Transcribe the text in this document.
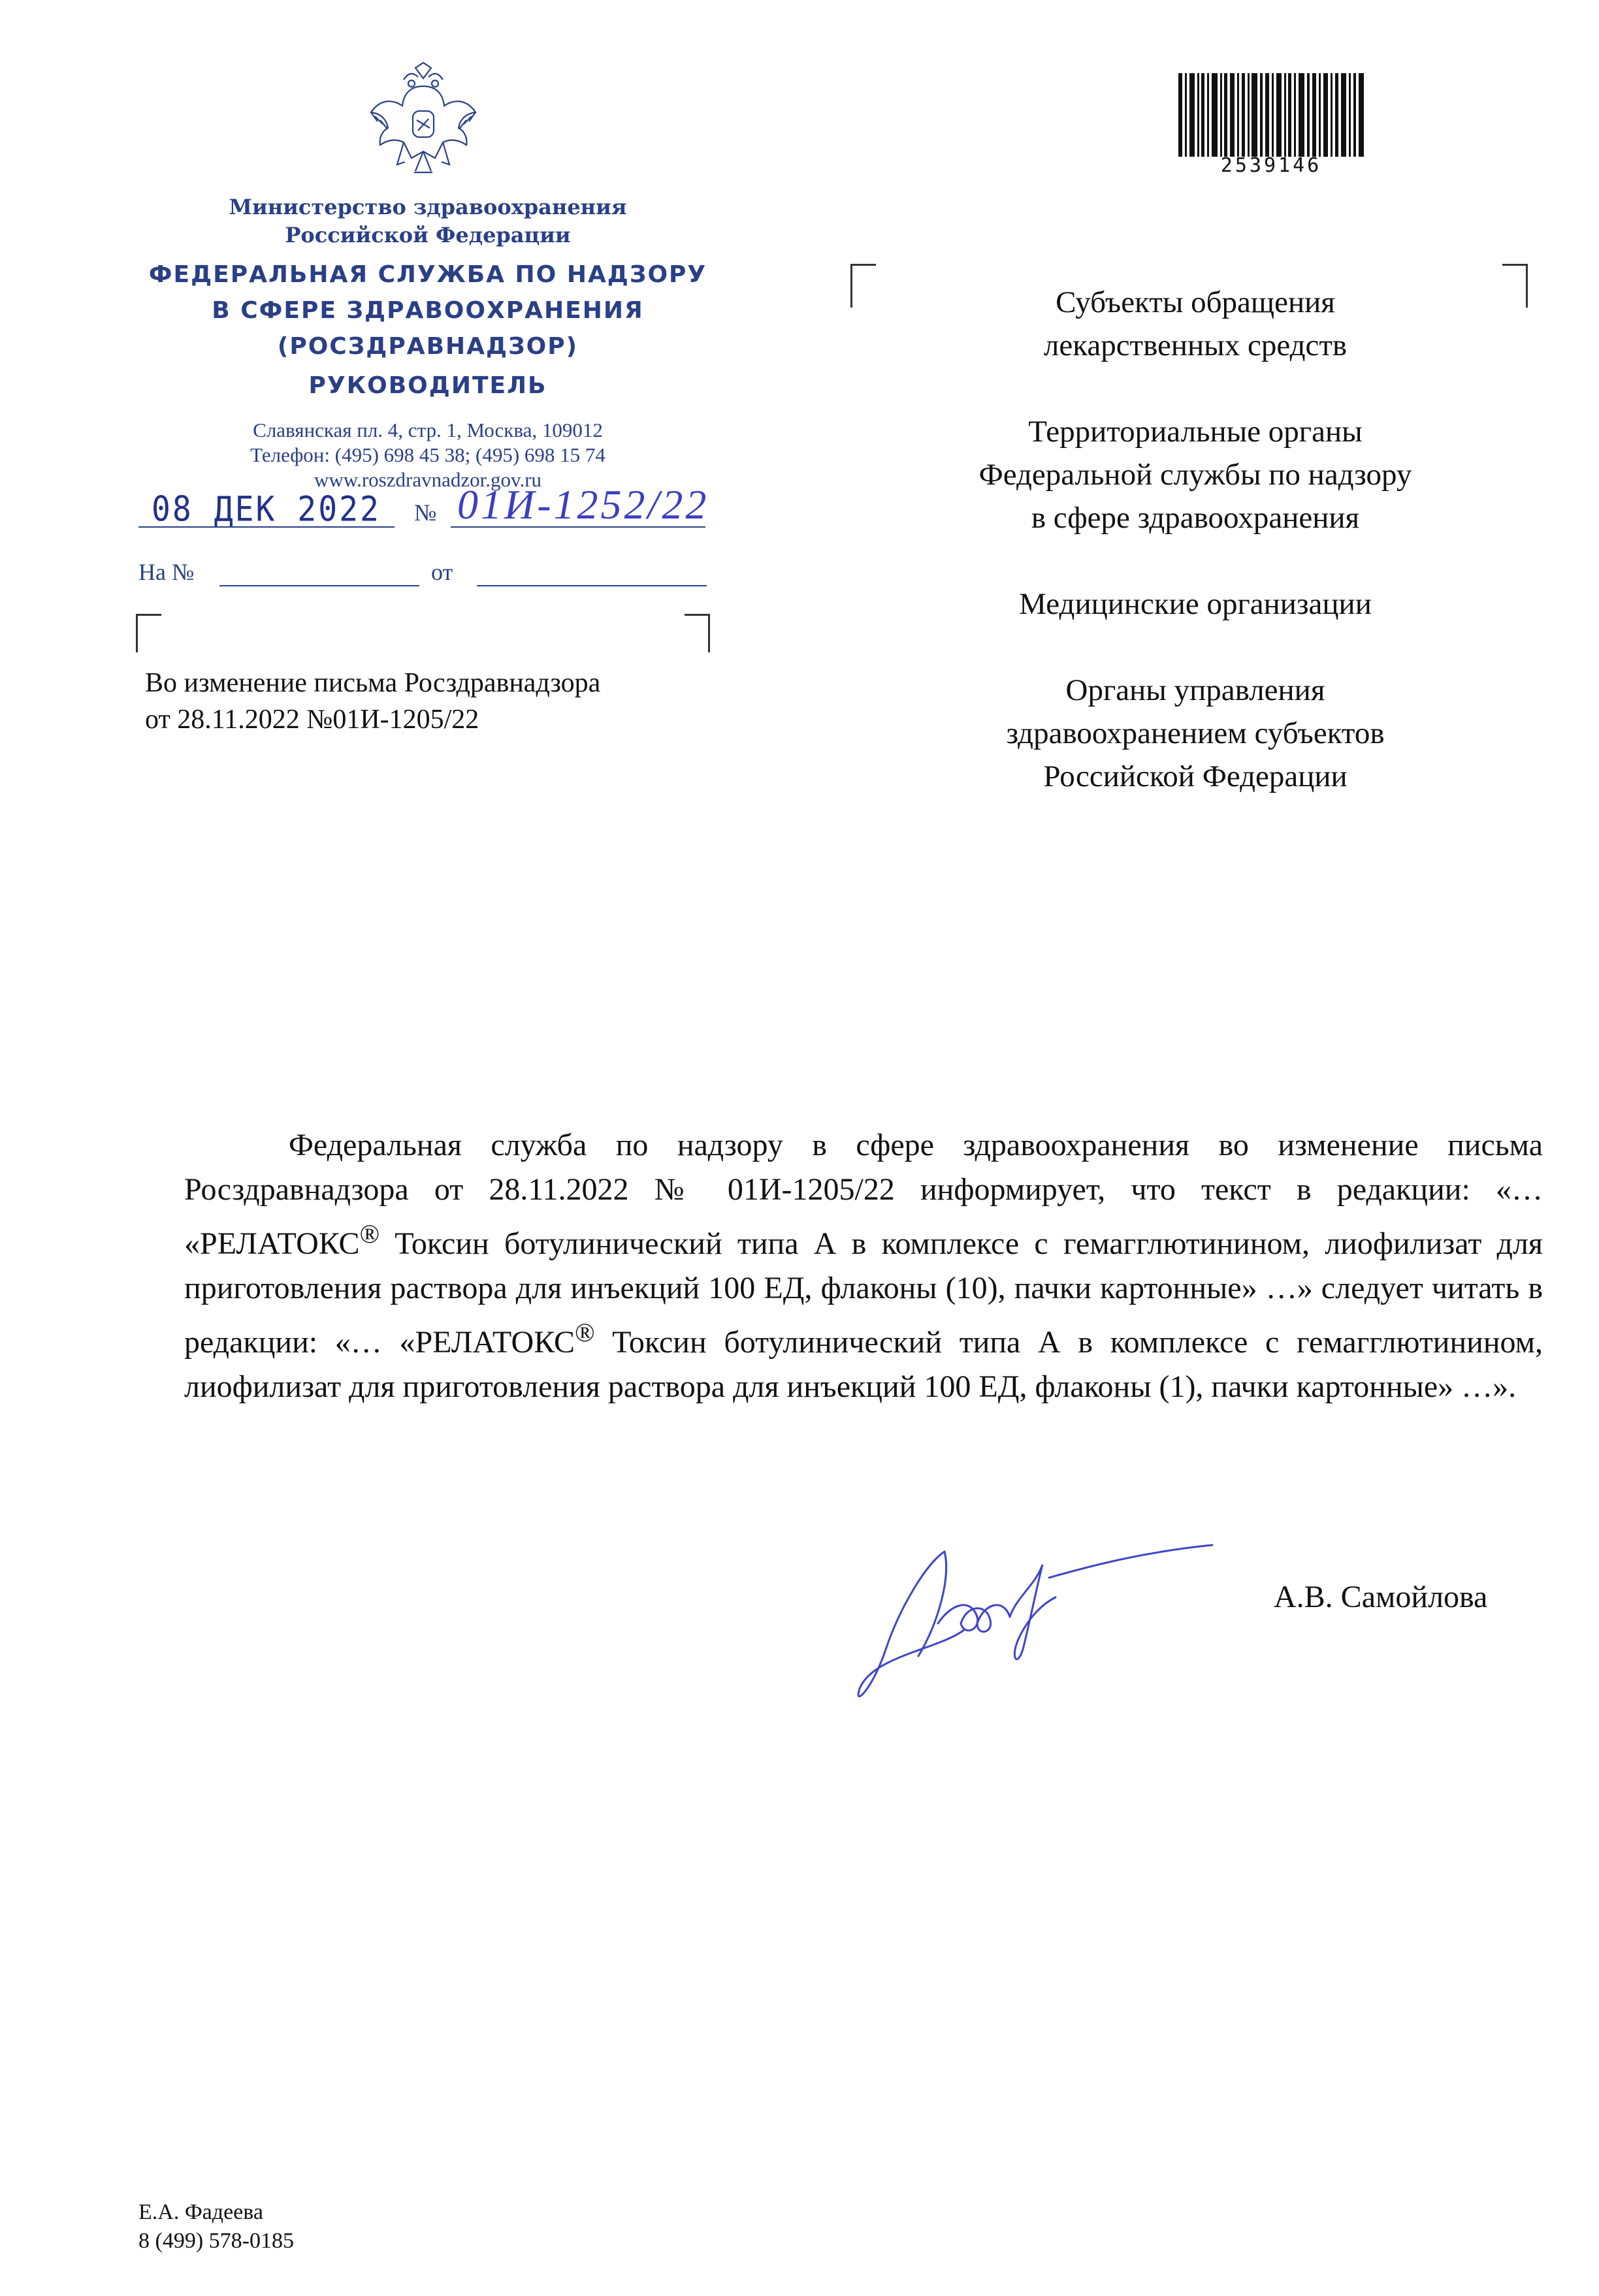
Министерство здравоохранения
Российской Федерации
ФЕДЕРАЛЬНАЯ СЛУЖБА ПО НАДЗОРУ
В СФЕРЕ ЗДРАВООХРАНЕНИЯ
(РОСЗДРАВНАДЗОР)
РУКОВОДИТЕЛЬ
Славянская пл. 4, стр. 1, Москва, 109012
Телефон: (495) 698 45 38; (495) 698 15 74
www.roszdravnadzor.gov.ru
08 ДЕК 2022 № 01И-1252/22
На №	от
Во изменение письма Росздравнадзора
от 28.11.2022 №01И-1205/22
2539146
Субъекты обращения
лекарственных средств
Территориальные органы
Федеральной службы по надзору
в сфере здравоохранения
Медицинские организации
Органы управления
здравоохранением субъектов
Российской Федерации
Федеральная служба по надзору в сфере здравоохранения во изменение письма Росздравнадзора от 28.11.2022 № 01И-1205/22 информирует, что текст в редакции: «… «РЕЛАТОКС® Токсин ботулинический типа А в комплексе с гемагглютинином, лиофилизат для приготовления раствора для инъекций 100 ЕД, флаконы (10), пачки картонные» …» следует читать в редакции: «… «РЕЛАТОКС® Токсин ботулинический типа А в комплексе с гемагглютинином, лиофилизат для приготовления раствора для инъекций 100 ЕД, флаконы (1), пачки картонные» …».
А.В. Самойлова
Е.А. Фадеева
8 (499) 578-0185
